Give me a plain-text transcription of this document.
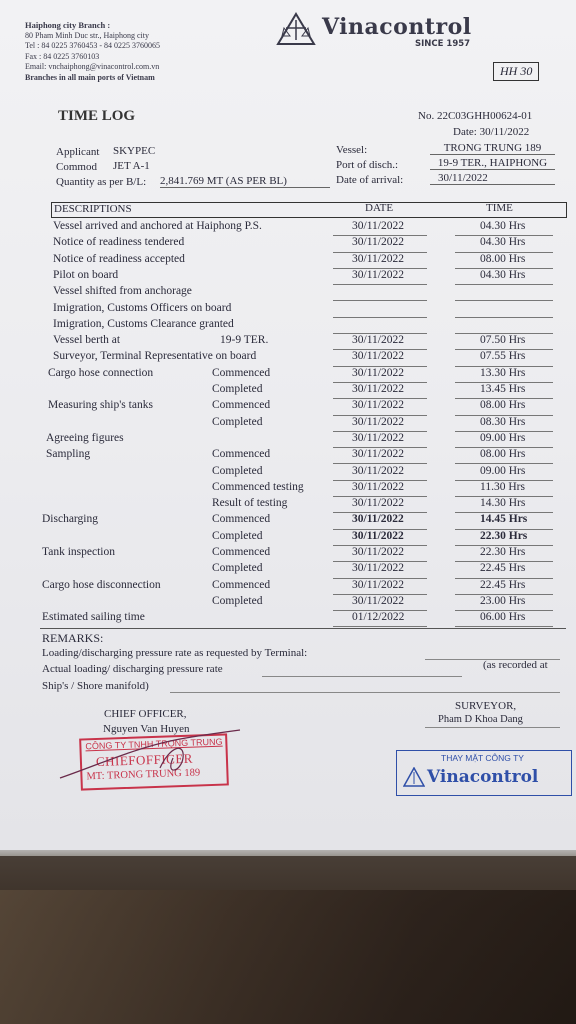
Haiphong city Branch :
80 Pham Minh Duc str., Haiphong city
Tel : 84 0225 3760453 - 84 0225 3760065
Fax : 84 0225 3760103
Email: vnchaiphong@vinacontrol.com.vn
Branches in all main ports of Vietnam
Vinacontrol
SINCE 1957
HH 30
TIME LOG	No. 22C03GHH00624-01
Date: 30/11/2022
Applicant SKYPEC
Commod JET A-1
Quantity as per B/L: 2,841.769 MT (AS PER BL)
Vessel:	TRONG TRUNG 189
Port of disch.:	19-9 TER., HAIPHONG
Date of arrival:	30/11/2022
DESCRIPTIONS	DATE	TIME
Vessel arrived and anchored at Haiphong P.S.	30/11/2022	04.30 Hrs
Notice of readiness tendered	30/11/2022	04.30 Hrs
Notice of readiness accepted	30/11/2022	08.00 Hrs
Pilot on board	30/11/2022	04.30 Hrs
Vessel shifted from anchorage
Imigration, Customs Officers on board
Imigration, Customs Clearance granted
Vessel berth at	19-9 TER.	30/11/2022	07.50 Hrs
Surveyor, Terminal Representative on board	30/11/2022	07.55 Hrs
Cargo hose connection	Commenced	30/11/2022	13.30 Hrs
Completed	30/11/2022	13.45 Hrs
Measuring ship's tanks	Commenced	30/11/2022	08.00 Hrs
Completed	30/11/2022	08.30 Hrs
Agreeing figures	30/11/2022	09.00 Hrs
Sampling	Commenced	30/11/2022	08.00 Hrs
Completed	30/11/2022	09.00 Hrs
Commenced testing	30/11/2022	11.30 Hrs
Result of testing	30/11/2022	14.30 Hrs
Discharging	Commenced	30/11/2022	14.45 Hrs
Completed	30/11/2022	22.30 Hrs
Tank inspection	Commenced	30/11/2022	22.30 Hrs
Completed	30/11/2022	22.45 Hrs
Cargo hose disconnection	Commenced	30/11/2022	22.45 Hrs
Completed	30/11/2022	23.00 Hrs
Estimated sailing time	01/12/2022	06.00 Hrs
REMARKS:
Loading/discharging pressure rate as requested by Terminal:
Actual loading/ discharging pressure rate	(as recorded at
Ship's / Shore manifold)
CHIEF OFFICER,
Nguyen Van Huyen
CÔNG TY TNHH TRỌNG TRUNG
CHIEFOFFICER
MT: TRONG TRUNG 189
SURVEYOR,
Pham D Khoa Dang
THAY MẶT CÔNG TY
Vinacontrol
